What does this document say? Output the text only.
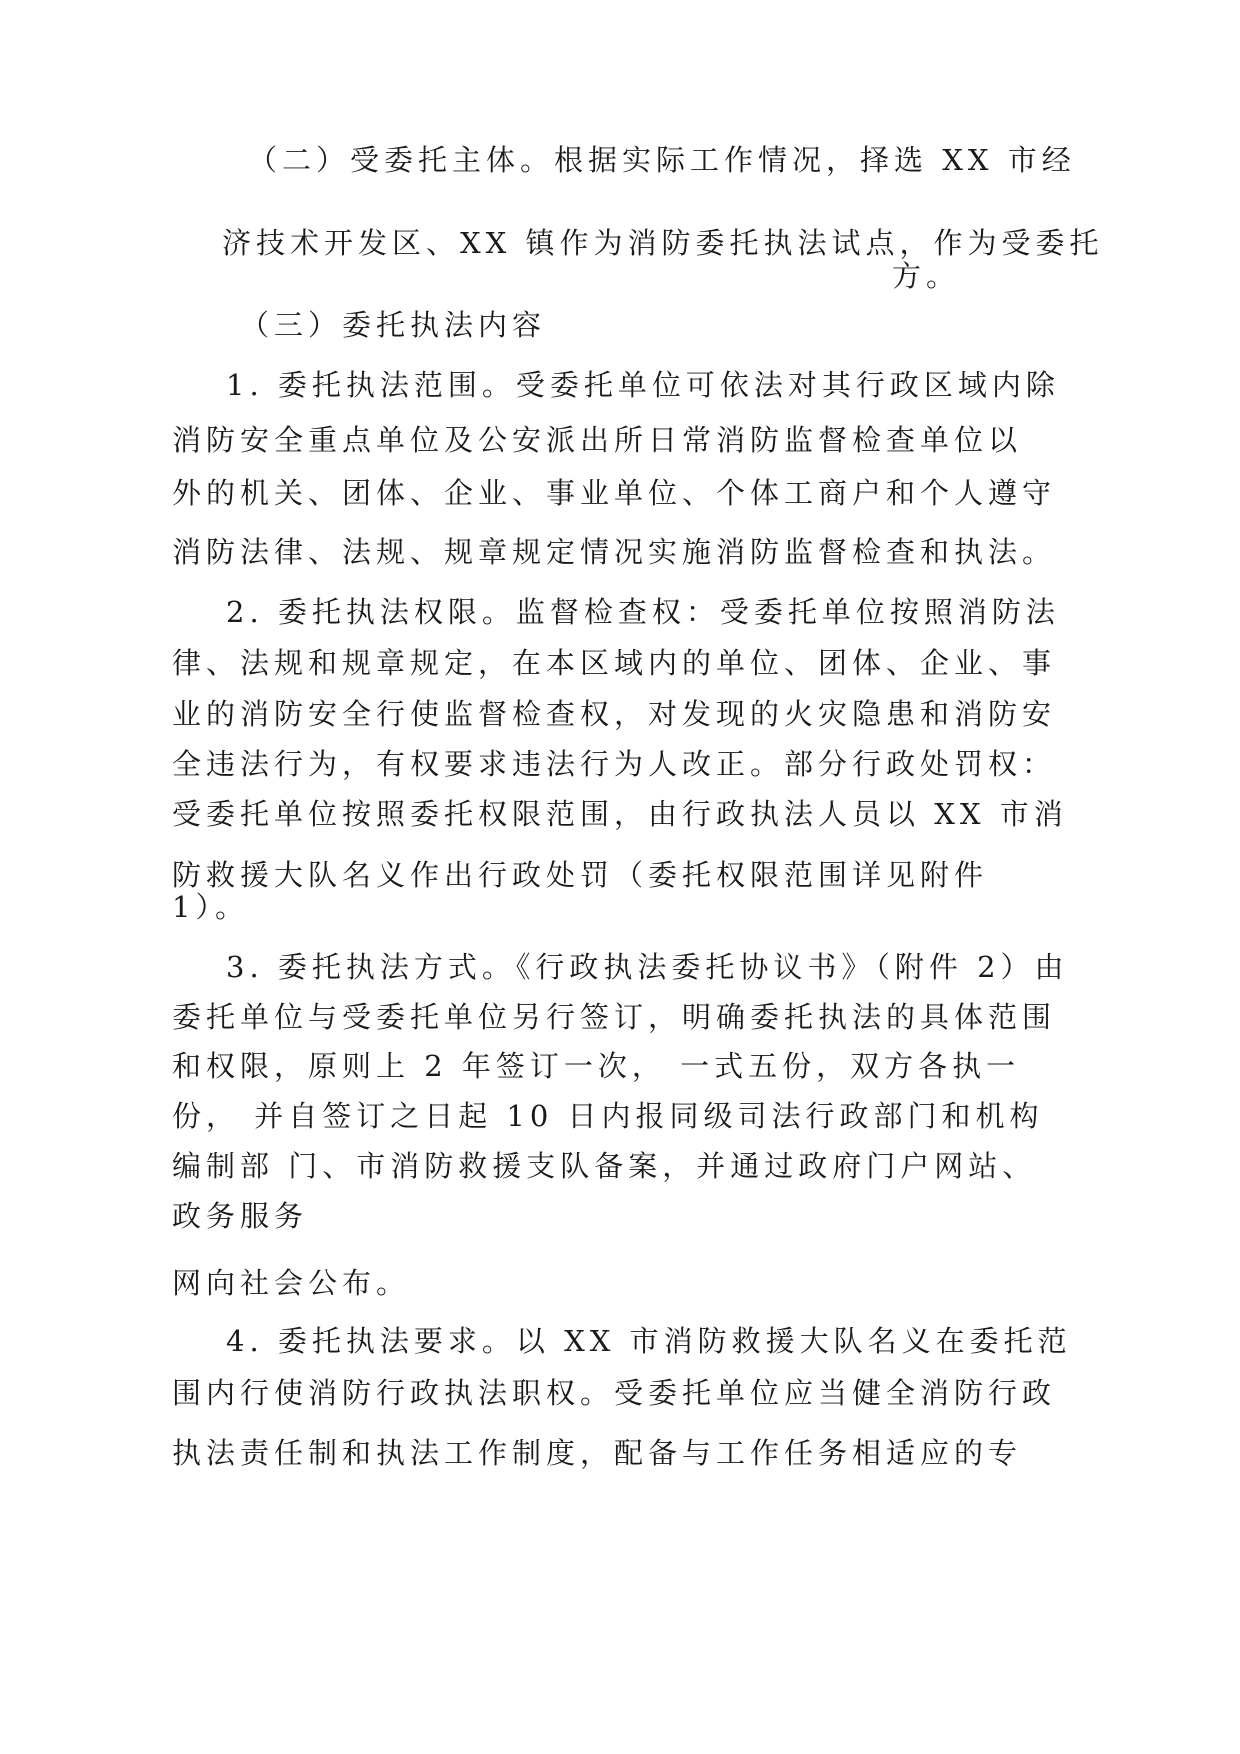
（二）受委托主体。根据实际工作情况，择选 XX 市经
济技术开发区、XX 镇作为消防委托执法试点，作为受委托
方。
（三）委托执法内容
1. 委托执法范围。受委托单位可依法对其行政区域内除
消防安全重点单位及公安派出所日常消防监督检查单位以
外的机关、团体、企业、事业单位、个体工商户和个人遵守
消防法律、法规、规章规定情况实施消防监督检查和执法。
2. 委托执法权限。监督检查权：受委托单位按照消防法
律、法规和规章规定，在本区域内的单位、团体、企业、事
业的消防安全行使监督检查权，对发现的火灾隐患和消防安
全违法行为，有权要求违法行为人改正。部分行政处罚权：
受委托单位按照委托权限范围，由行政执法人员以 XX 市消
防救援大队名义作出行政处罚（委托权限范围详见附件
1）。
3. 委托执法方式。《行政执法委托协议书》（附件 2）由
委托单位与受委托单位另行签订，明确委托执法的具体范围
和权限，原则上 2 年签订一次， 一式五份，双方各执一
份， 并自签订之日起 10 日内报同级司法行政部门和机构
编制部 门、市消防救援支队备案，并通过政府门户网站、
政务服务
网向社会公布。
4. 委托执法要求。以 XX 市消防救援大队名义在委托范
围内行使消防行政执法职权。受委托单位应当健全消防行政
执法责任制和执法工作制度，配备与工作任务相适应的专
